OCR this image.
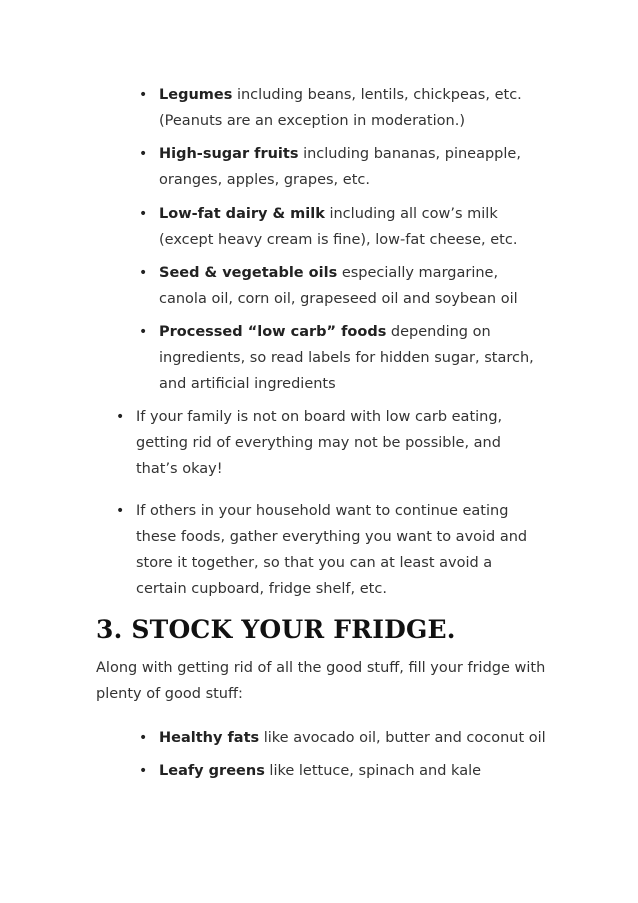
• Legumes including beans, lentils, chickpeas, etc. (Peanuts are an exception in moderation.)
• High-sugar fruits including bananas, pineapple, oranges, apples, grapes, etc.
• Low-fat dairy & milk including all cow’s milk (except heavy cream is fine), low-fat cheese, etc.
• Seed & vegetable oils especially margarine, canola oil, corn oil, grapeseed oil and soybean oil
• Processed “low carb” foods depending on ingredients, so read labels for hidden sugar, starch, and artificial ingredients
• If your family is not on board with low carb eating, getting rid of everything may not be possible, and that’s okay!
• If others in your household want to continue eating these foods, gather everything you want to avoid and store it together, so that you can at least avoid a certain cupboard, fridge shelf, etc.
3. STOCK YOUR FRIDGE.
Along with getting rid of all the good stuff, fill your fridge with plenty of good stuff:
• Healthy fats like avocado oil, butter and coconut oil
• Leafy greens like lettuce, spinach and kale
